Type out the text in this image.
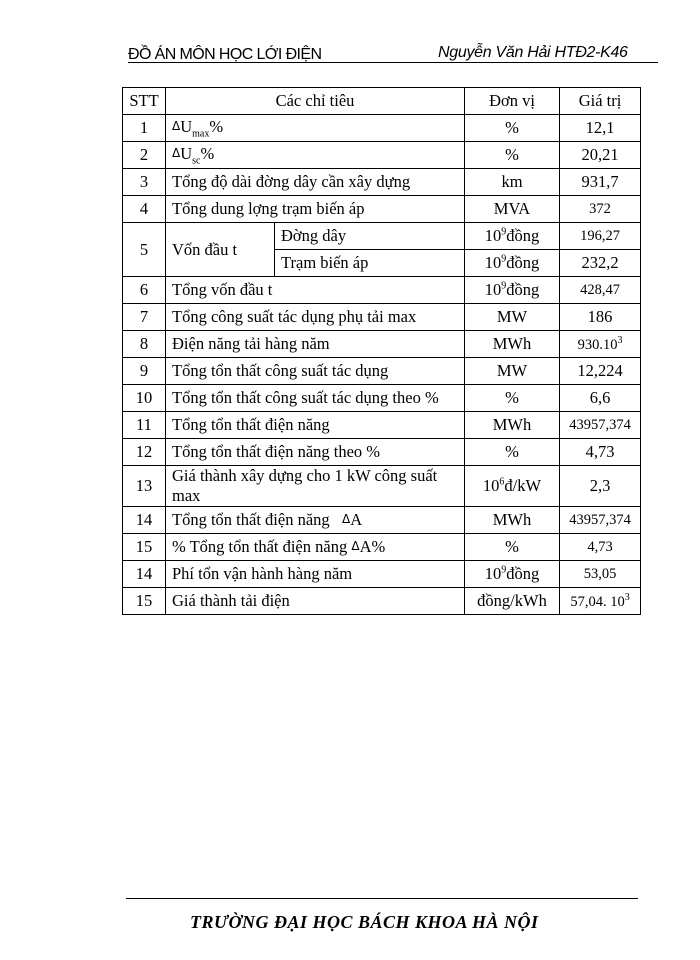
ĐỒ ÁN MÔN HỌC LỚI ĐIỆN	Nguyễn Văn Hải HTĐ2-K46
STT	Các chỉ tiêu		Đơn vị	Giá trị
1	$\Delta U_{max}\%$		%	12,1
2	$\Delta U_{sc}\%$		%	20,21
3	Tổng độ dài đờng dây cần xây dựng		km	931,7
4	Tổng dung lợng trạm biến áp		MVA	372
5	Vốn đầu t	Đờng dây	$10^9đồng$	196,27
		Trạm biến áp	$10^9đồng$	232,2
6	Tổng vốn đầu t		$10^9đồng$	428,47
7	Tổng công suất tác dụng phụ tải max		MW	186
8	Điện năng tải hàng năm		MWh	930.10$^3$
9	Tổng tổn thất công suất tác dụng		MW	12,224
10	Tổng tổn thất công suất tác dụng theo %		%	6,6
11	Tổng tổn thất điện năng		MWh	43957,374
12	Tổng tổn thất điện năng theo %		%	4,73
13	Giá thành xây dựng cho 1 kW công suất max		$10^6đ/kW$	2,3
14	Tổng tổn thất điện năng ΔA		MWh	43957,374
15	% Tổng tổn thất điện năng ΔA%		%	4,73
14	Phí tổn vận hành hàng năm		$10^9đồng$	53,05
15	Giá thành tải điện		đồng/kWh	57,04. $10^3$
TRƯỜNG ĐẠI HỌC BÁCH KHOA HÀ NỘI
